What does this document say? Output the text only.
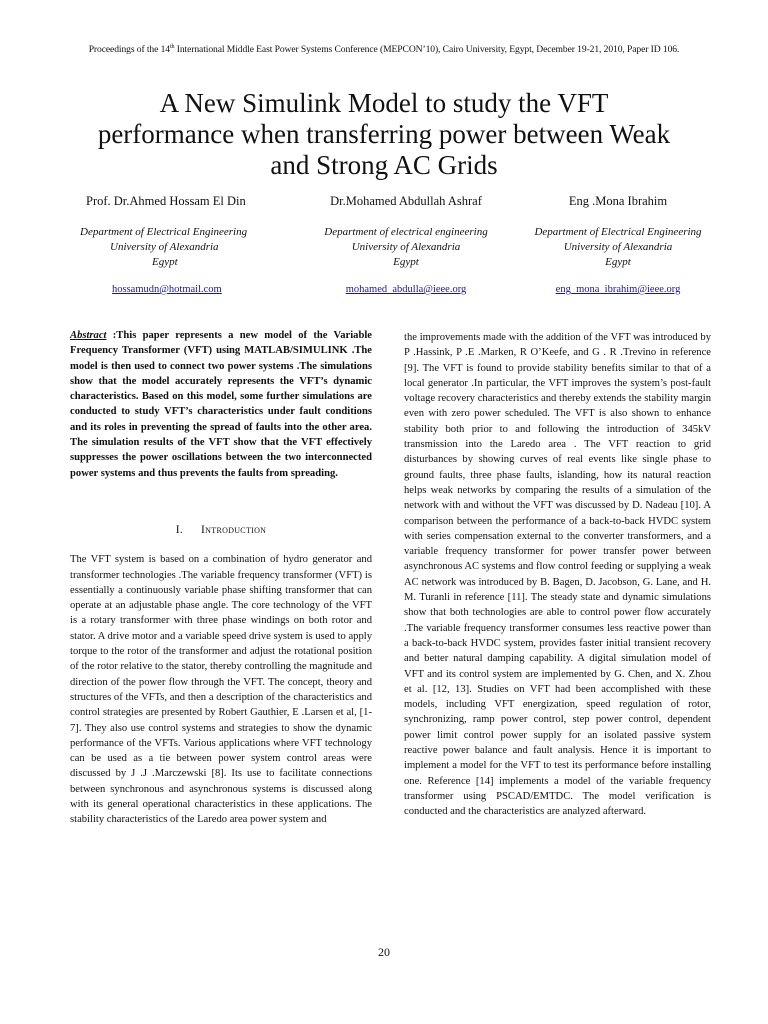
Proceedings of the 14th International Middle East Power Systems Conference (MEPCON’10), Cairo University, Egypt, December 19-21, 2010, Paper ID 106.
A New Simulink Model to study the VFT performance when transferring power between Weak and Strong AC Grids
Prof. Dr.Ahmed Hossam El Din
Department of Electrical Engineering
University of Alexandria
Egypt
hossamudn@hotmail.com
Dr.Mohamed Abdullah Ashraf
Department of electrical engineering
University of Alexandria
Egypt
mohamed_abdulla@ieee.org
Eng .Mona Ibrahim
Department of Electrical Engineering
University of Alexandria
Egypt
eng_mona_ibrahim@ieee.org

Abstract :This paper represents a new model of the Variable Frequency Transformer (VFT) using MATLAB/SIMULINK .The model is then used to connect two power systems .The simulations show that the model accurately represents the VFT’s dynamic characteristics. Based on this model, some further simulations are conducted to study VFT’s characteristics under fault conditions and its roles in preventing the spread of faults into the other area. The simulation results of the VFT show that the VFT effectively suppresses the power oscillations between the two interconnected power systems and thus prevents the faults from spreading.

I. Introduction

The VFT system is based on a combination of hydro generator and transformer technologies .The variable frequency transformer (VFT) is essentially a continuously variable phase shifting transformer that can operate at an adjustable phase angle. The core technology of the VFT is a rotary transformer with three phase windings on both rotor and stator. A drive motor and a variable speed drive system is used to apply torque to the rotor of the transformer and adjust the rotational position of the rotor relative to the stator, thereby controlling the magnitude and direction of the power flow through the VFT. The concept, theory and structures of the VFTs, and then a description of the characteristics and control strategies are presented by Robert Gauthier, E .Larsen et al, [1-7]. They also use control systems and strategies to show the dynamic performance of the VFTs. Various applications where VFT technology can be used as a tie between power system control areas were discussed by J .J .Marczewski [8]. Its use to facilitate connections between synchronous and asynchronous systems is discussed along with its general operational characteristics in these applications. The stability characteristics of the Laredo area power system and

the improvements made with the addition of the VFT was introduced by P .Hassink, P .E .Marken, R O’Keefe, and G . R .Trevino in reference [9]. The VFT is found to provide stability benefits similar to that of a local generator .In particular, the VFT improves the system’s post-fault voltage recovery characteristics and thereby extends the stability margin even with zero power scheduled. The VFT is also shown to enhance stability both prior to and following the introduction of 345kV transmission into the Laredo area . The VFT reaction to grid disturbances by showing curves of real events like single phase to ground faults, three phase faults, islanding, how its natural reaction helps weak networks by comparing the results of a simulation of the network with and without the VFT was discussed by D. Nadeau [10]. A comparison between the performance of a back-to-back HVDC system with series compensation external to the converter transformers, and a variable frequency transformer for power transfer power between asynchronous AC systems and flow control feeding or supplying a weak AC network was introduced by B. Bagen, D. Jacobson, G. Lane, and H. M. Turanli in reference [11]. The steady state and dynamic simulations show that both technologies are able to control power flow accurately .The variable frequency transformer consumes less reactive power than a back-to-back HVDC system, provides faster initial transient recovery and better natural damping capability. A digital simulation model of VFT and its control system are implemented by G. Chen, and X. Zhou et al. [12, 13]. Studies on VFT had been accomplished with these models, including VFT energization, speed regulation of rotor, synchronizing, ramp power control, step power control, dependent power limit control power supply for an isolated passive system reactive power balance and fault analysis. Hence it is important to implement a model for the VFT to test its performance before installing one. Reference [14] implements a model of the variable frequency transformer using PSCAD/EMTDC. The model verification is conducted and the characteristics are analyzed afterward.

20
